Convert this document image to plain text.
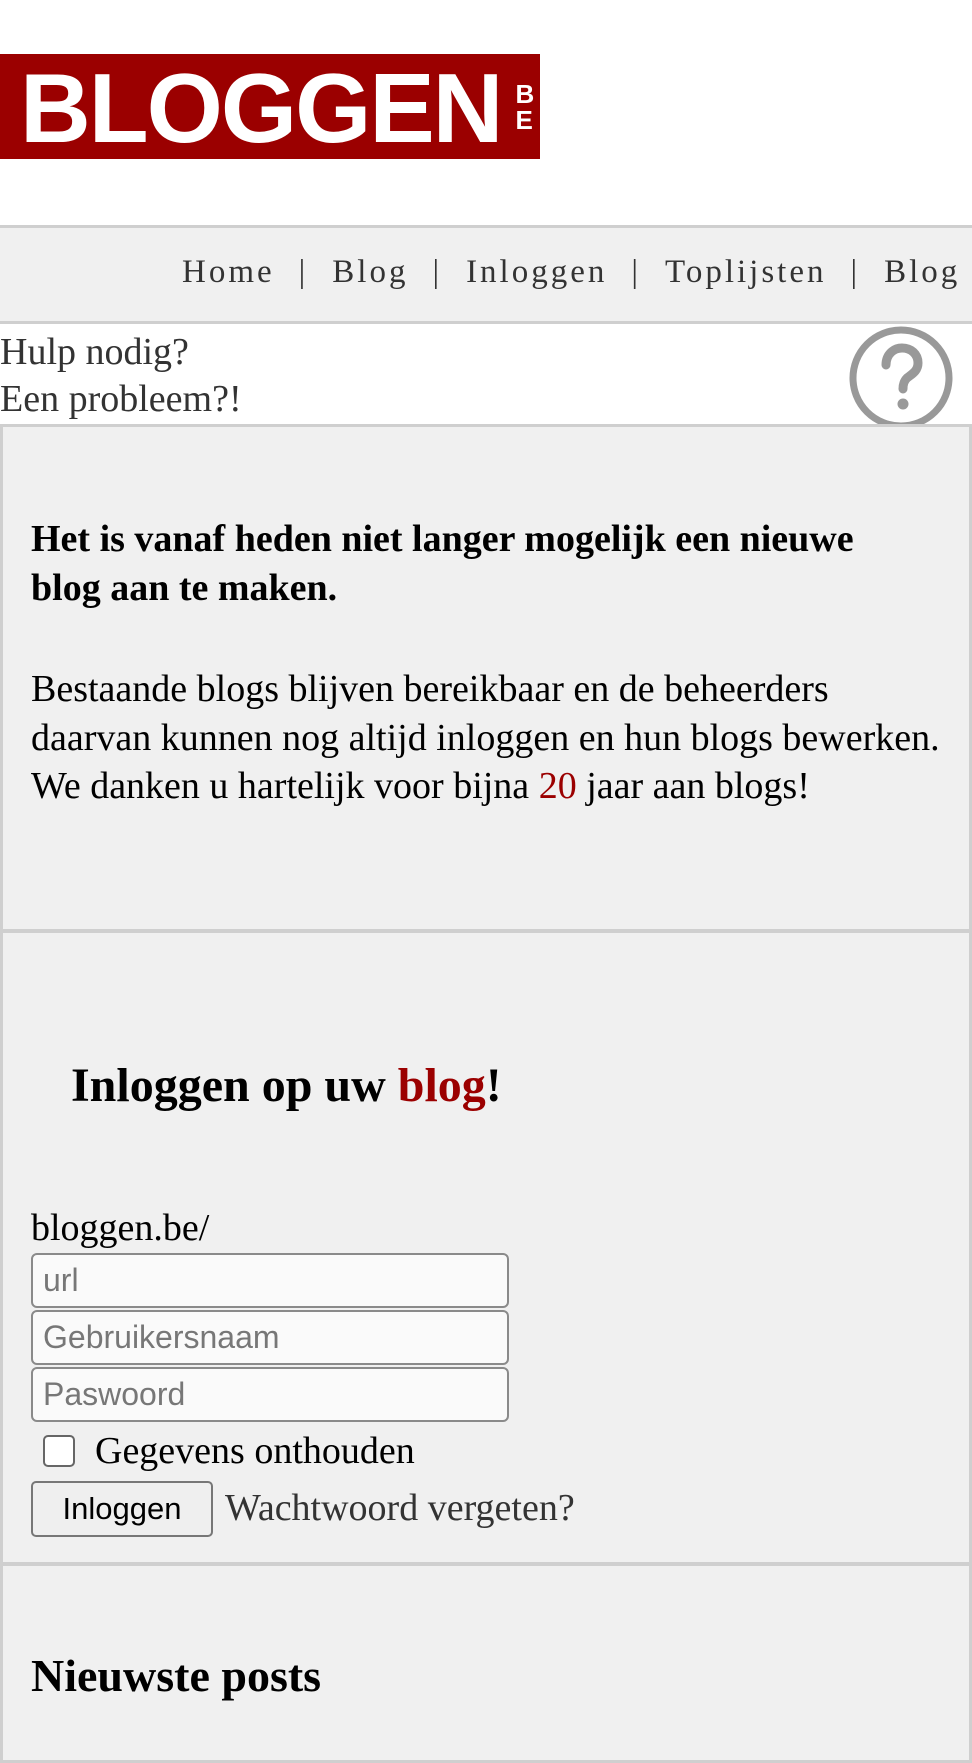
BLOGGEN B
E
Home | Blog | Inloggen | Toplijsten | Blog
Hulp nodig?
Een probleem?!

Het is vanaf heden niet langer mogelijk een nieuwe blog aan te maken.

Bestaande blogs blijven bereikbaar en de beheerders daarvan kunnen nog altijd inloggen en hun blogs bewerken.
We danken u hartelijk voor bijna 20 jaar aan blogs!
Inloggen op uw blog!
bloggen.be/
url
Gebruikersnaam
Gegevens onthouden
Inloggen	Wachtwoord vergeten?
Nieuwste posts
